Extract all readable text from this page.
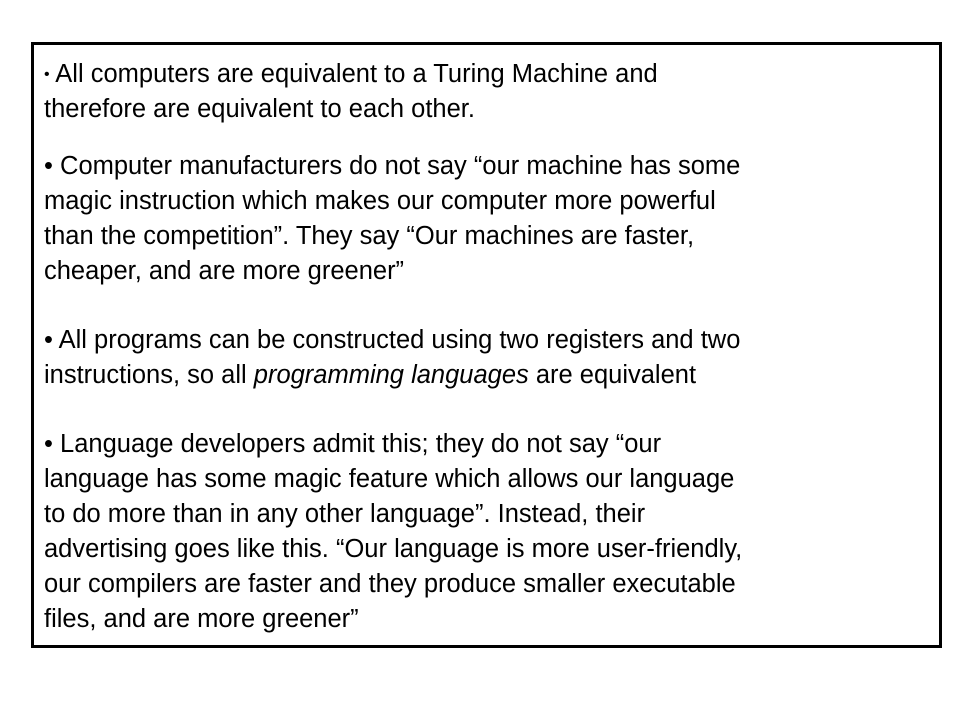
• All computers are equivalent to a Turing Machine and
therefore are equivalent to each other.

• Computer manufacturers do not say “our machine has some
magic instruction which makes our computer more powerful
than the competition”. They say “Our machines are faster,
cheaper, and are more greener”

• All programs can be constructed using two registers and two
instructions, so all programming languages are equivalent

• Language developers admit this; they do not say “our
language has some magic feature which allows our language
to do more than in any other language”. Instead, their
advertising goes like this. “Our language is more user-friendly,
our compilers are faster and they produce smaller executable
files, and are more greener”
